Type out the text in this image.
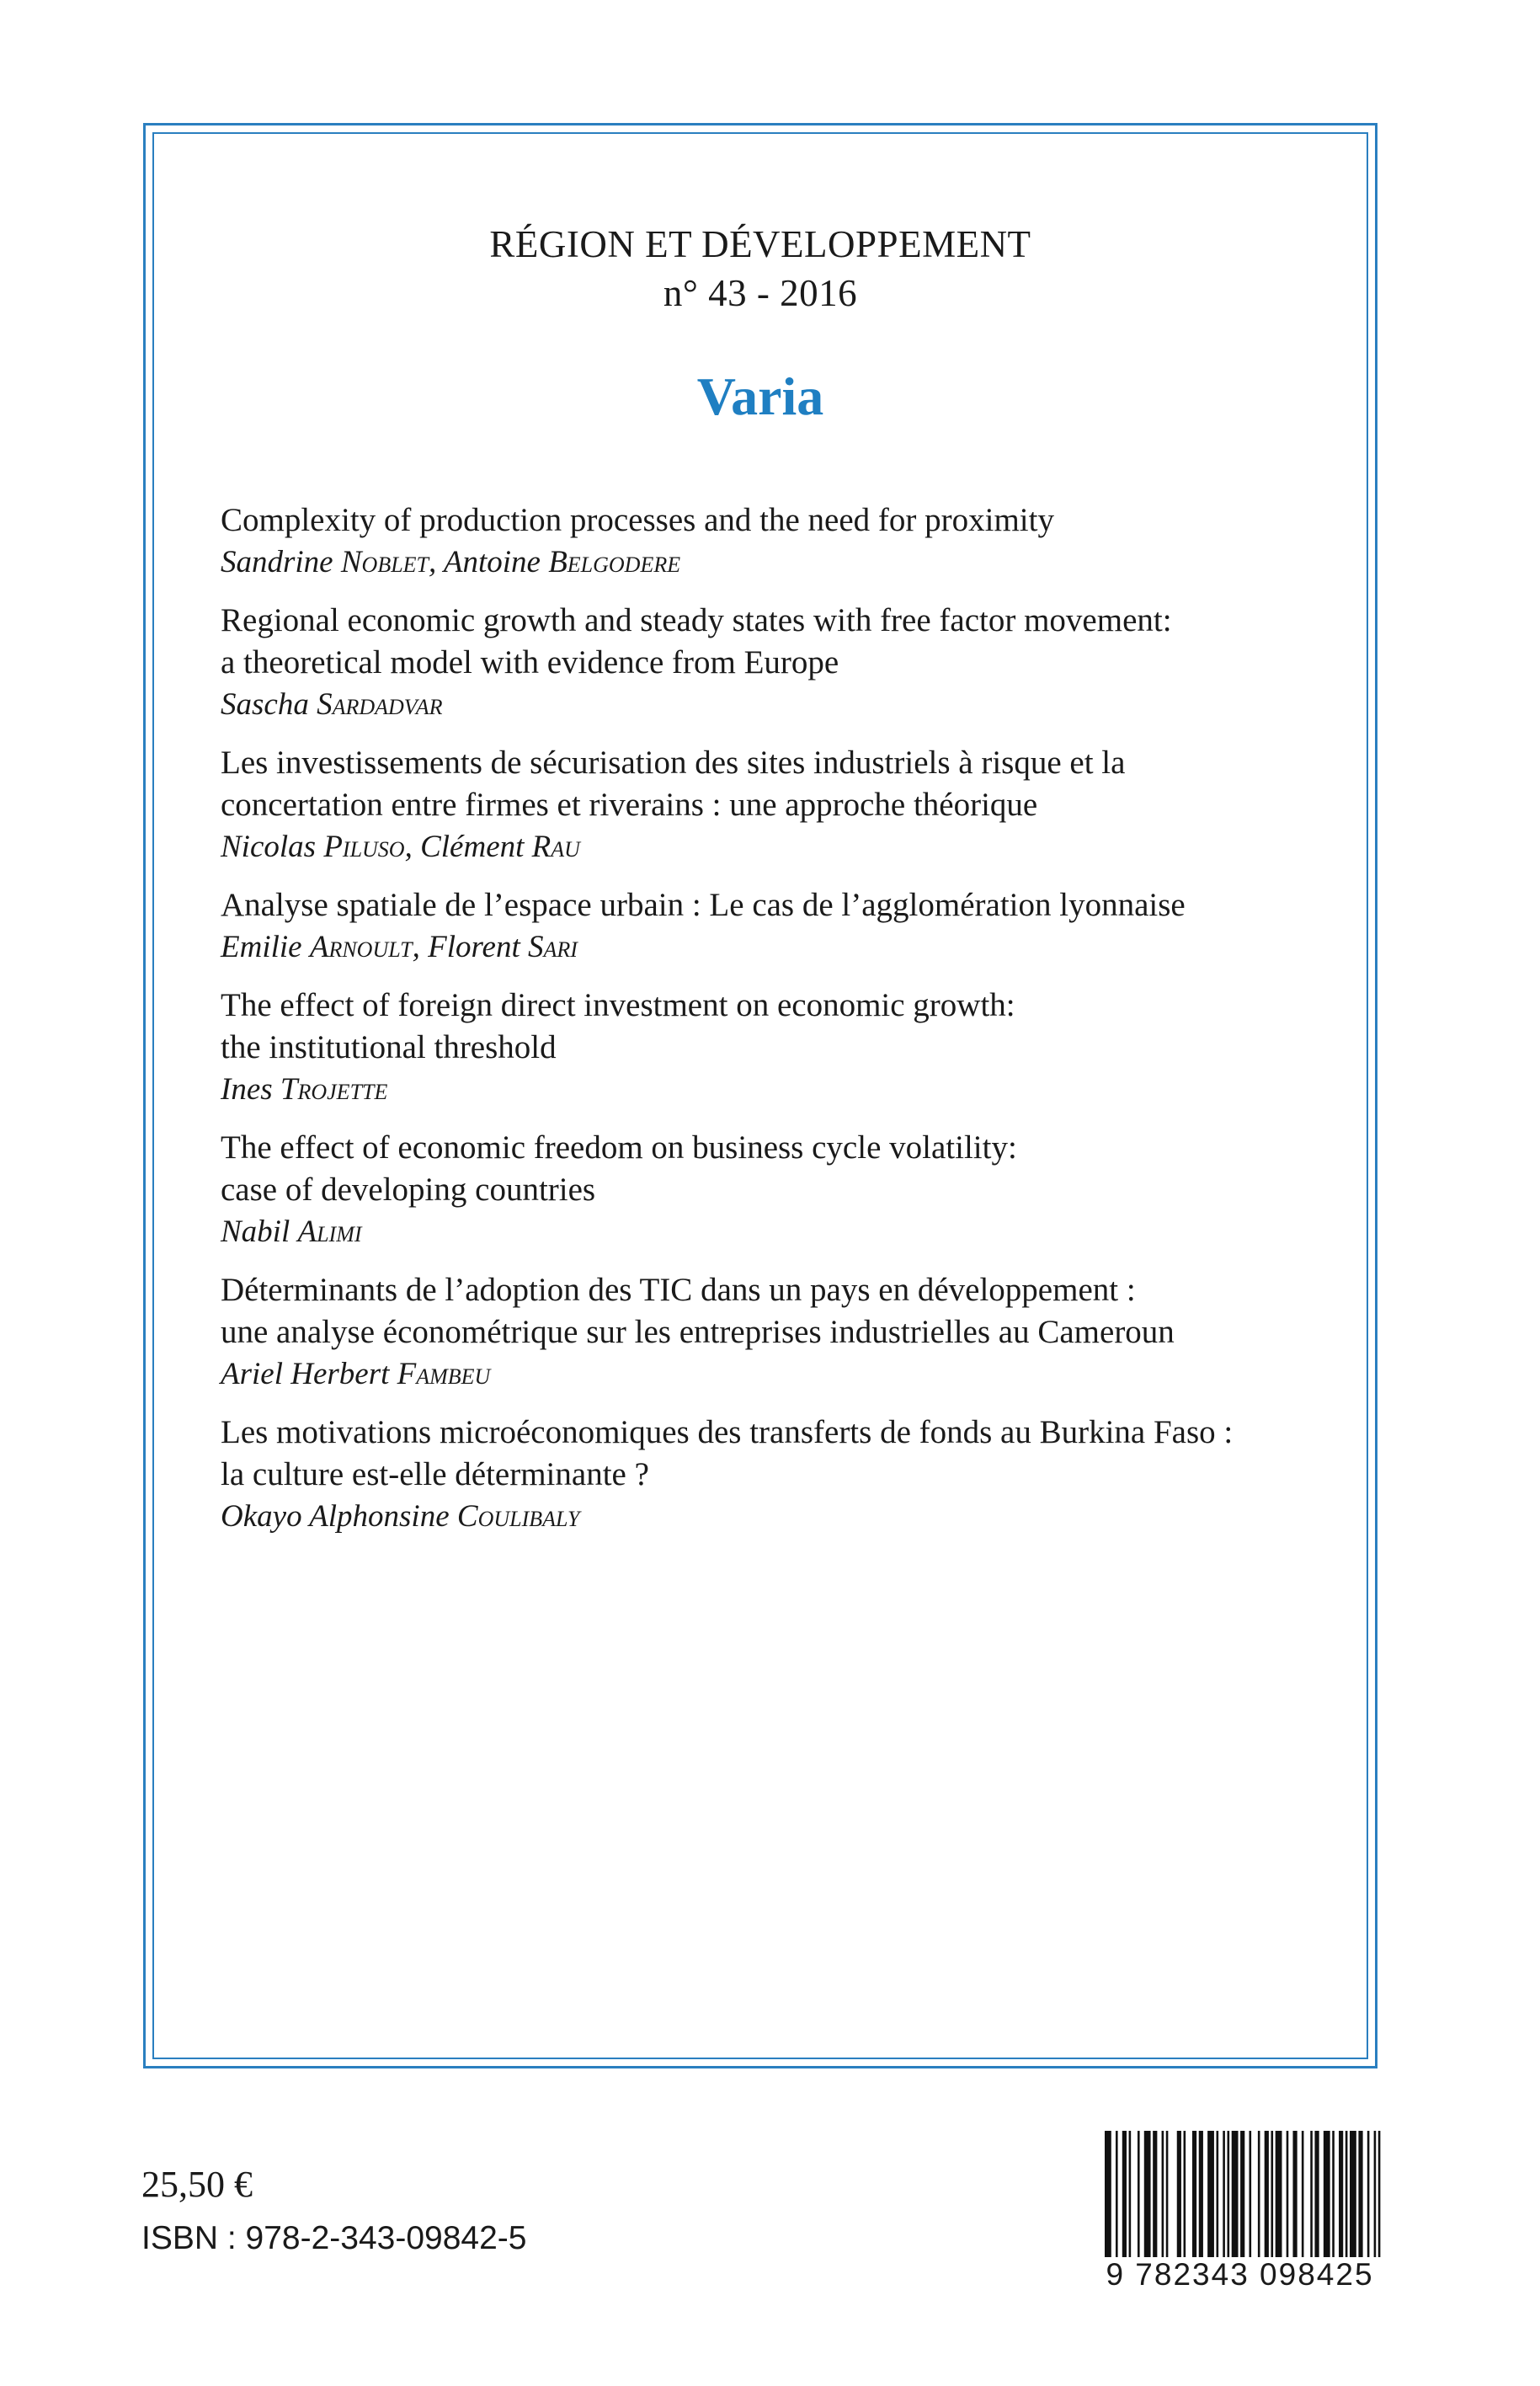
RÉGION ET DÉVELOPPEMENT
n° 43 - 2016
Varia
Complexity of production processes and the need for proximity
Sandrine Noblet, Antoine Belgodere
Regional economic growth and steady states with free factor movement:
a theoretical model with evidence from Europe
Sascha Sardadvar
Les investissements de sécurisation des sites industriels à risque et la
concertation entre firmes et riverains : une approche théorique
Nicolas Piluso, Clément Rau
Analyse spatiale de l’espace urbain : Le cas de l’agglomération lyonnaise
Emilie Arnoult, Florent Sari
The effect of foreign direct investment on economic growth:
the institutional threshold
Ines Trojette
The effect of economic freedom on business cycle volatility:
case of developing countries
Nabil Alimi
Déterminants de l’adoption des TIC dans un pays en développement :
une analyse économétrique sur les entreprises industrielles au Cameroun
Ariel Herbert Fambeu
Les motivations microéconomiques des transferts de fonds au Burkina Faso :
la culture est-elle déterminante ?
Okayo Alphonsine Coulibaly
25,50 €
ISBN : 978-2-343-09842-5
9 782343 098425
